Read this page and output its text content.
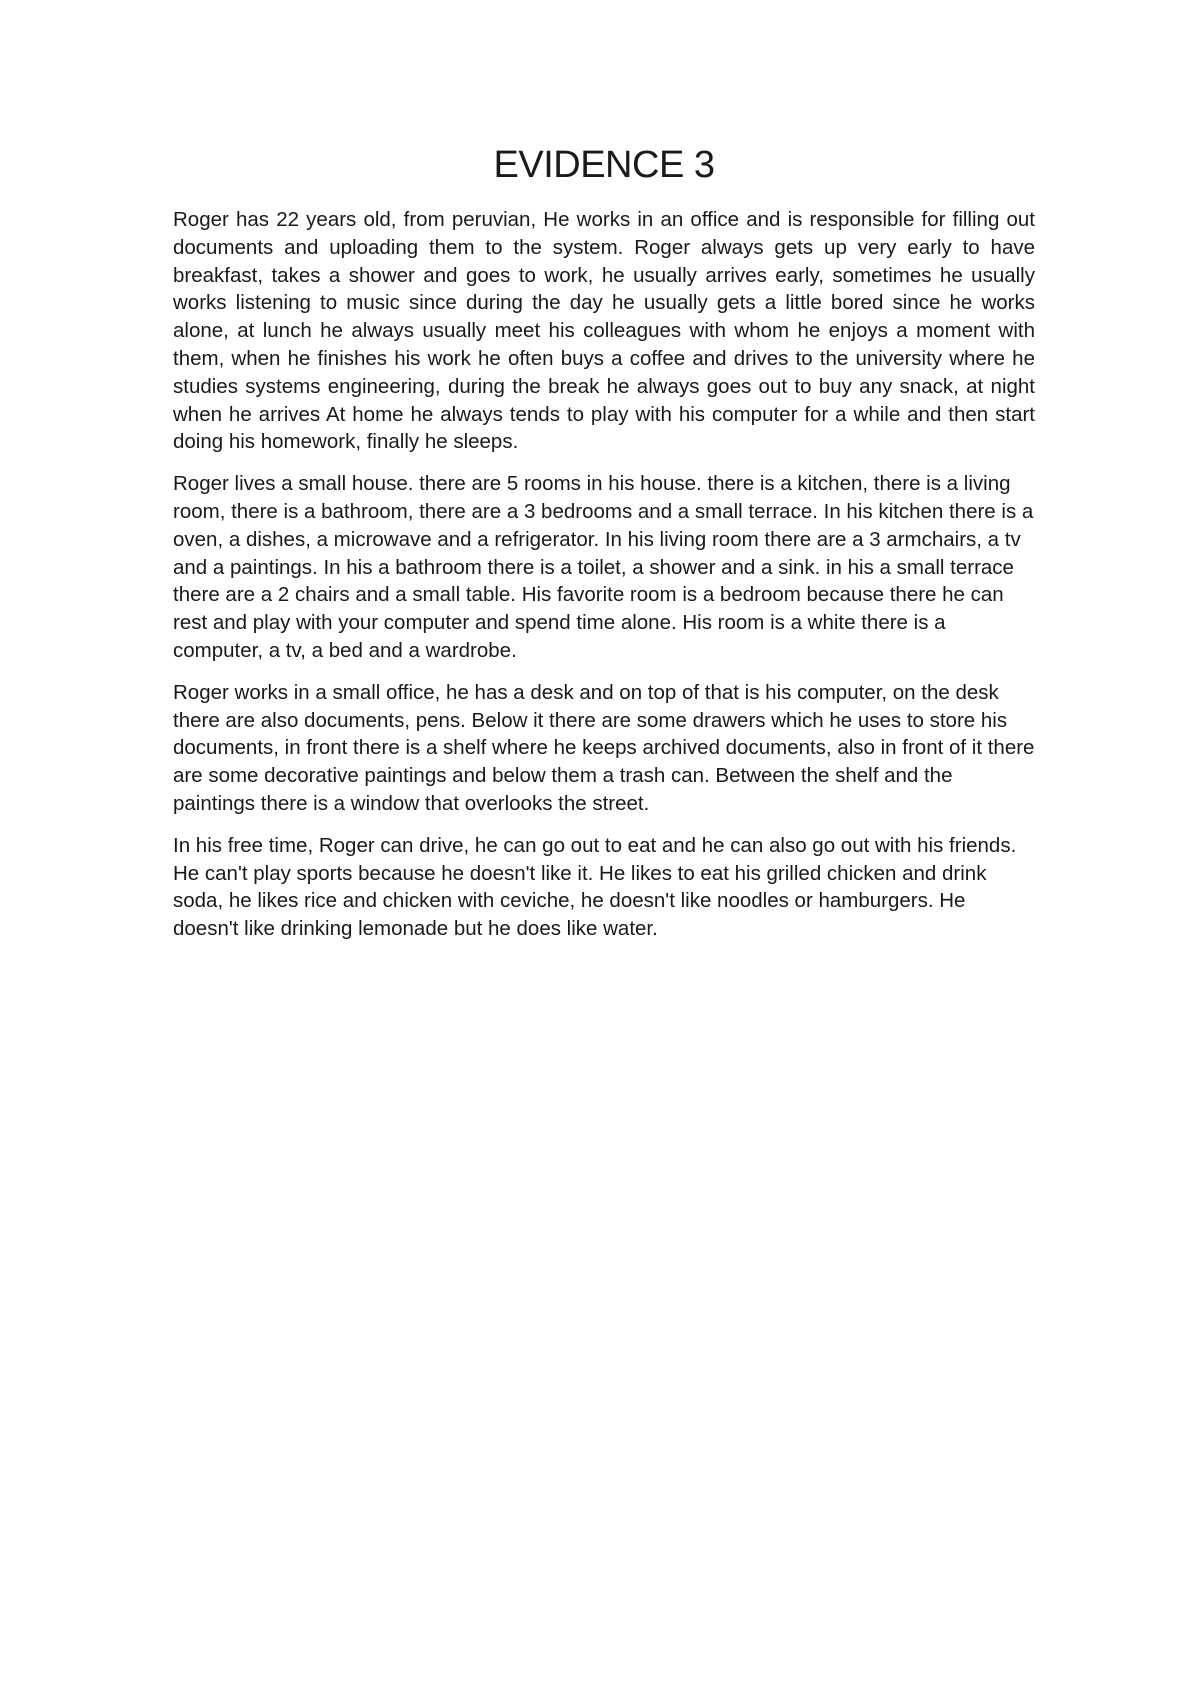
EVIDENCE 3

Roger has 22 years old, from peruvian, He works in an office and is responsible for filling out documents and uploading them to the system. Roger always gets up very early to have breakfast, takes a shower and goes to work, he usually arrives early, sometimes he usually works listening to music since during the day he usually gets a little bored since he works alone, at lunch he always usually meet his colleagues with whom he enjoys a moment with them, when he finishes his work he often buys a coffee and drives to the university where he studies systems engineering, during the break he always goes out to buy any snack, at night when he arrives At home he always tends to play with his computer for a while and then start doing his homework, finally he sleeps.

Roger lives a small house. there are 5 rooms in his house. there is a kitchen, there is a living room, there is a bathroom, there are a 3 bedrooms and a small terrace. In his kitchen there is a oven, a dishes, a microwave and a refrigerator. In his living room there are a 3 armchairs, a tv and a paintings. In his a bathroom there is a toilet, a shower and a sink. in his a small terrace there are a 2 chairs and a small table. His favorite room is a bedroom because there he can rest and play with your computer and spend time alone. His room is a white there is a computer, a tv, a bed and a wardrobe.

Roger works in a small office, he has a desk and on top of that is his computer, on the desk there are also documents, pens. Below it there are some drawers which he uses to store his documents, in front there is a shelf where he keeps archived documents, also in front of it there are some decorative paintings and below them a trash can. Between the shelf and the paintings there is a window that overlooks the street.

In his free time, Roger can drive, he can go out to eat and he can also go out with his friends. He can't play sports because he doesn't like it. He likes to eat his grilled chicken and drink soda, he likes rice and chicken with ceviche, he doesn't like noodles or hamburgers. He doesn't like drinking lemonade but he does like water.
